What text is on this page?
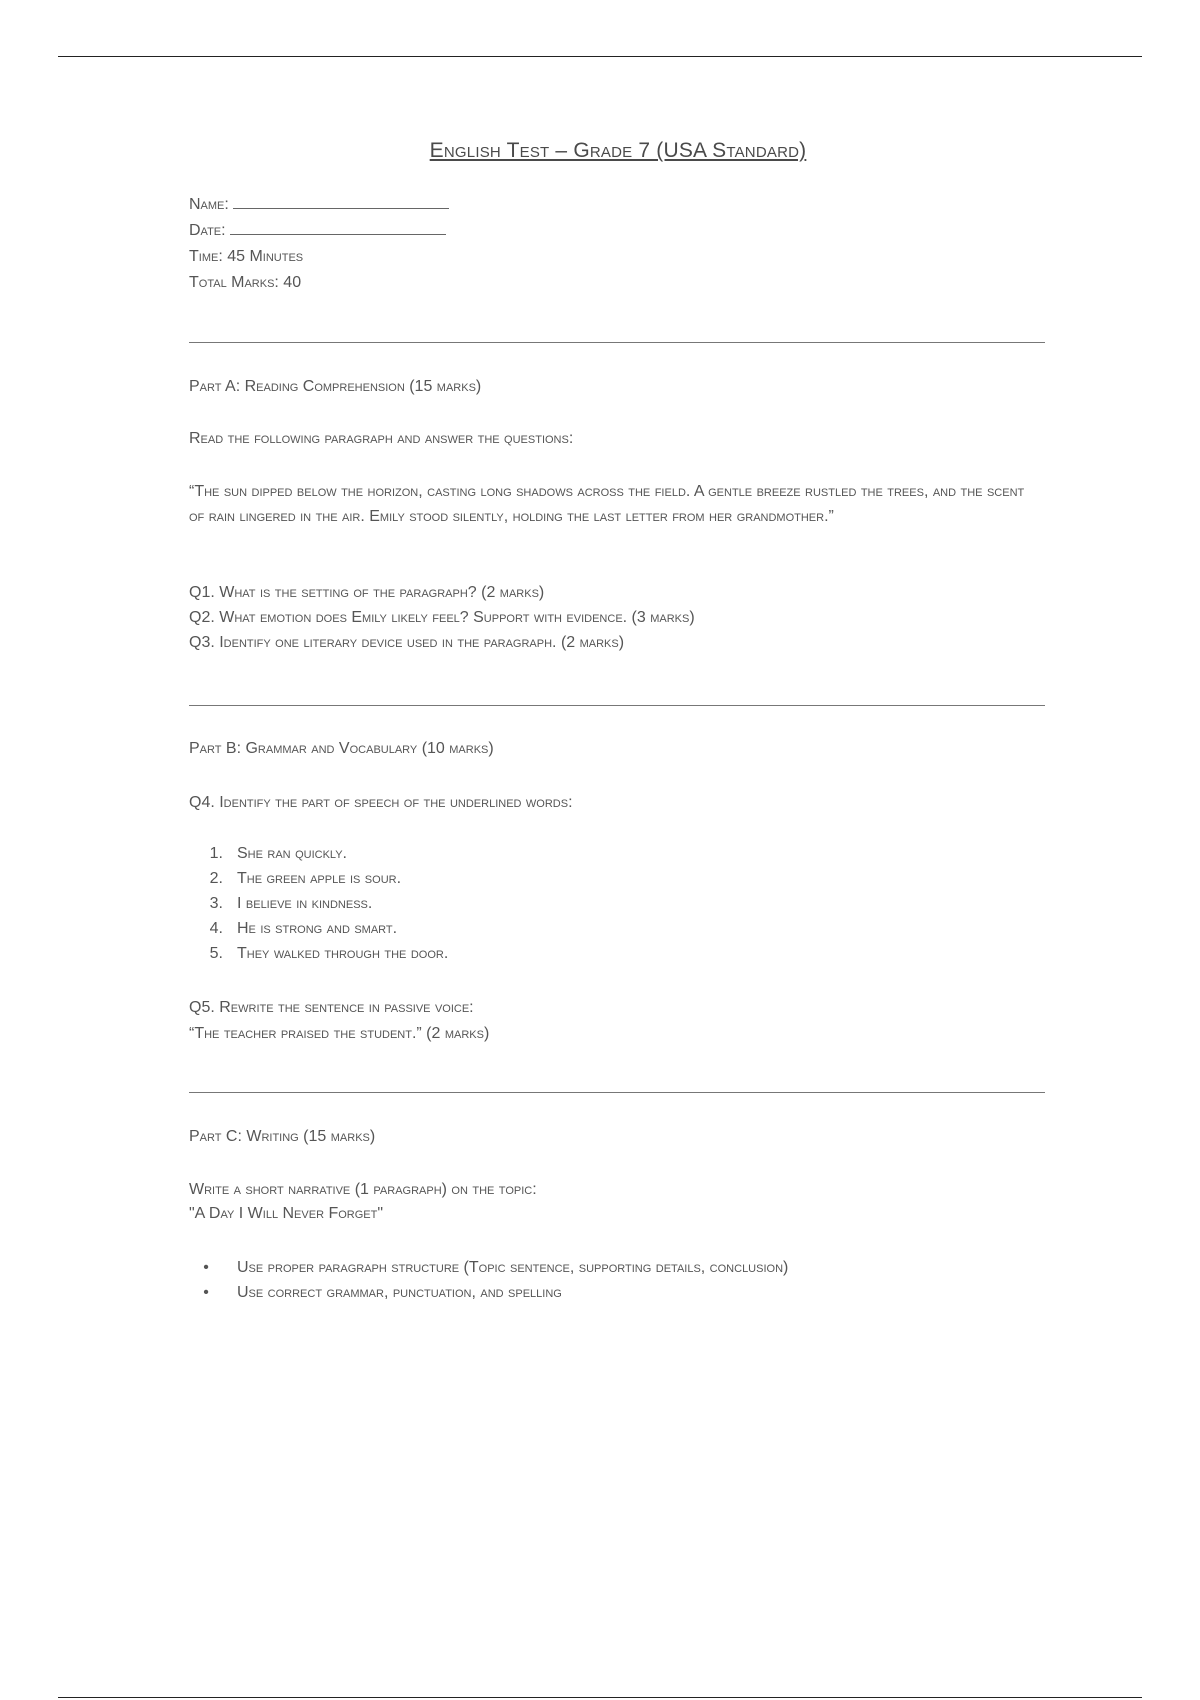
English Test – Grade 7 (USA Standard)
Name:
Date:
Time: 45 Minutes
Total Marks: 40
Part A: Reading Comprehension (15 marks)
Read the following paragraph and answer the questions:
“The sun dipped below the horizon, casting long shadows across the field. A gentle breeze rustled the trees, and the scent of rain lingered in the air. Emily stood silently, holding the last letter from her grandmother.”
Q1. What is the setting of the paragraph? (2 marks)
Q2. What emotion does Emily likely feel? Support with evidence. (3 marks)
Q3. Identify one literary device used in the paragraph. (2 marks)
Part B: Grammar and Vocabulary (10 marks)
Q4. Identify the part of speech of the underlined words:
1. She ran quickly.
2. The green apple is sour.
3. I believe in kindness.
4. He is strong and smart.
5. They walked through the door.
Q5. Rewrite the sentence in passive voice:
“The teacher praised the student.” (2 marks)
Part C: Writing (15 marks)
Write a short narrative (1 paragraph) on the topic:
"A Day I Will Never Forget"
• Use proper paragraph structure (Topic sentence, supporting details, conclusion)
• Use correct grammar, punctuation, and spelling
